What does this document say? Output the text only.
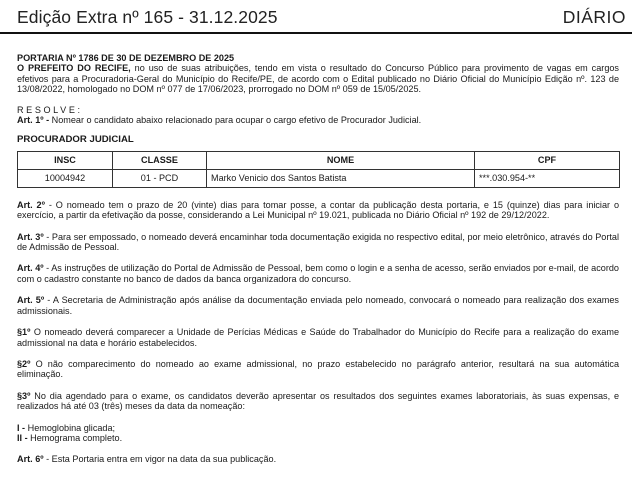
Edição Extra nº 165 - 31.12.2025	DIÁRIO

PORTARIA Nº 1786 DE 30 DE DEZEMBRO DE 2025

O PREFEITO DO RECIFE, no uso de suas atribuições, tendo em vista o resultado do Concurso Público para provimento de vagas em cargos efetivos para a Procuradoria-Geral do Município do Recife/PE, de acordo com o Edital publicado no Diário Oficial do Município Edição nº. 123 de 13/08/2022, homologado no DOM nº 077 de 17/06/2023, prorrogado no DOM nº 059 de 15/05/2025.

RESOLVE:

Art. 1º - Nomear o candidato abaixo relacionado para ocupar o cargo efetivo de Procurador Judicial.

PROCURADOR JUDICIAL

INSC	CLASSE	NOME	CPF
10004942	01 - PCD	Marko Venicio dos Santos Batista	***.030.954-**

Art. 2º - O nomeado tem o prazo de 20 (vinte) dias para tomar posse, a contar da publicação desta portaria, e 15 (quinze) dias para iniciar o exercício, a partir da efetivação da posse, considerando a Lei Municipal nº 19.021, publicada no Diário Oficial nº 192 de 29/12/2022.

Art. 3º - Para ser empossado, o nomeado deverá encaminhar toda documentação exigida no respectivo edital, por meio eletrônico, através do Portal de Admissão de Pessoal.

Art. 4º - As instruções de utilização do Portal de Admissão de Pessoal, bem como o login e a senha de acesso, serão enviados por e-mail, de acordo com o cadastro constante no banco de dados da banca organizadora do concurso.

Art. 5º - A Secretaria de Administração após análise da documentação enviada pelo nomeado, convocará o nomeado para realização dos exames admissionais.

§1º O nomeado deverá comparecer a Unidade de Perícias Médicas e Saúde do Trabalhador do Município do Recife para a realização do exame admissional na data e horário estabelecidos.

§2º O não comparecimento do nomeado ao exame admissional, no prazo estabelecido no parágrafo anterior, resultará na sua automática eliminação.

§3º No dia agendado para o exame, os candidatos deverão apresentar os resultados dos seguintes exames laboratoriais, às suas expensas, e realizados há até 03 (três) meses da data da nomeação:

I - Hemoglobina glicada;

II - Hemograma completo.

Art. 6º - Esta Portaria entra em vigor na data da sua publicação.
